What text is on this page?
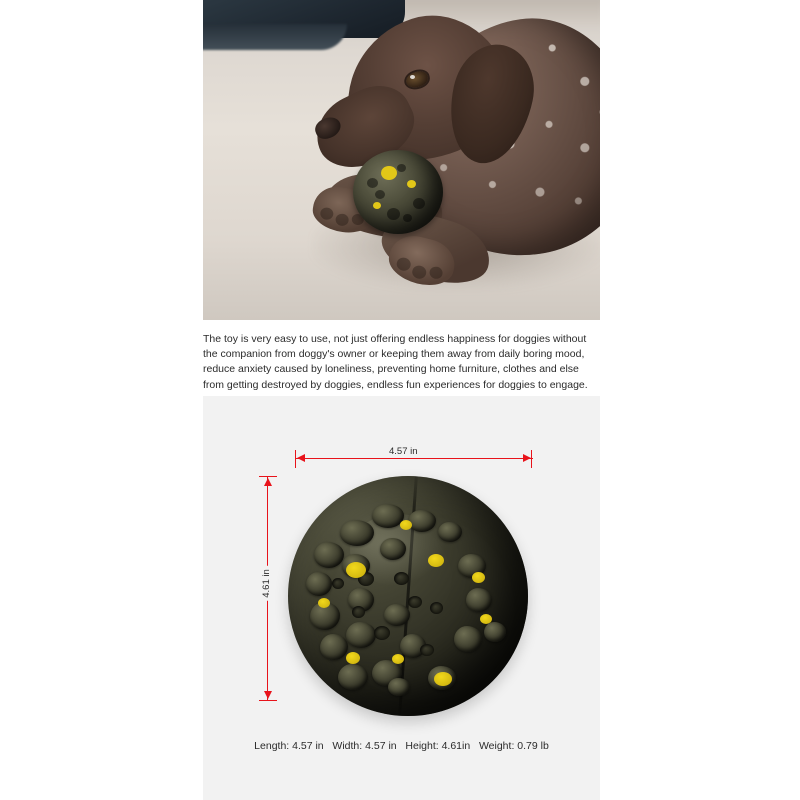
The toy is very easy to use, not just offering endless happiness for doggies without the companion from doggy's owner or keeping them away from daily boring mood, reduce anxiety caused by loneliness, preventing home furniture, clothes and else from getting destroyed by doggies, endless fun experiences for doggies to engage.
4.57 in
4.61 in
Length: 4.57 in Width: 4.57 in Height: 4.61in Weight: 0.79 lb
